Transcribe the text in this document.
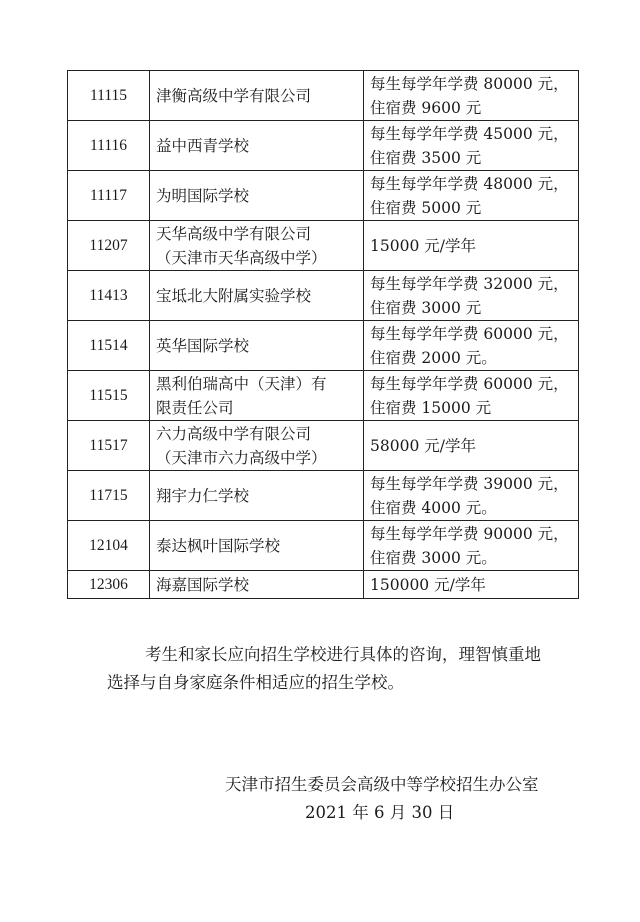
11115	津衡高级中学有限公司	每生每学年学费 80000 元，
住宿费 9600 元

11116	益中西青学校	每生每学年学费 45000 元，
住宿费 3500 元

11117	为明国际学校	每生每学年学费 48000 元，
住宿费 5000 元

11207	天华高级中学有限公司
（天津市天华高级中学）	15000 元/学年

11413	宝坻北大附属实验学校	每生每学年学费 32000 元，
住宿费 3000 元

11514	英华国际学校	每生每学年学费 60000 元，
住宿费 2000 元。

11515	黑利伯瑞高中（天津）有
限责任公司	每生每学年学费 60000 元，
住宿费 15000 元

11517	六力高级中学有限公司
（天津市六力高级中学）	58000 元/学年

11715	翔宇力仁学校	每生每学年学费 39000 元，
住宿费 4000 元。

12104	泰达枫叶国际学校	每生每学年学费 90000 元，
住宿费 3000 元。

12306	海嘉国际学校	150000 元/学年
考生和家长应向招生学校进行具体的咨询，理智慎重地
选择与自身家庭条件相适应的招生学校。
天津市招生委员会高级中等学校招生办公室
2021 年 6 月 30 日
